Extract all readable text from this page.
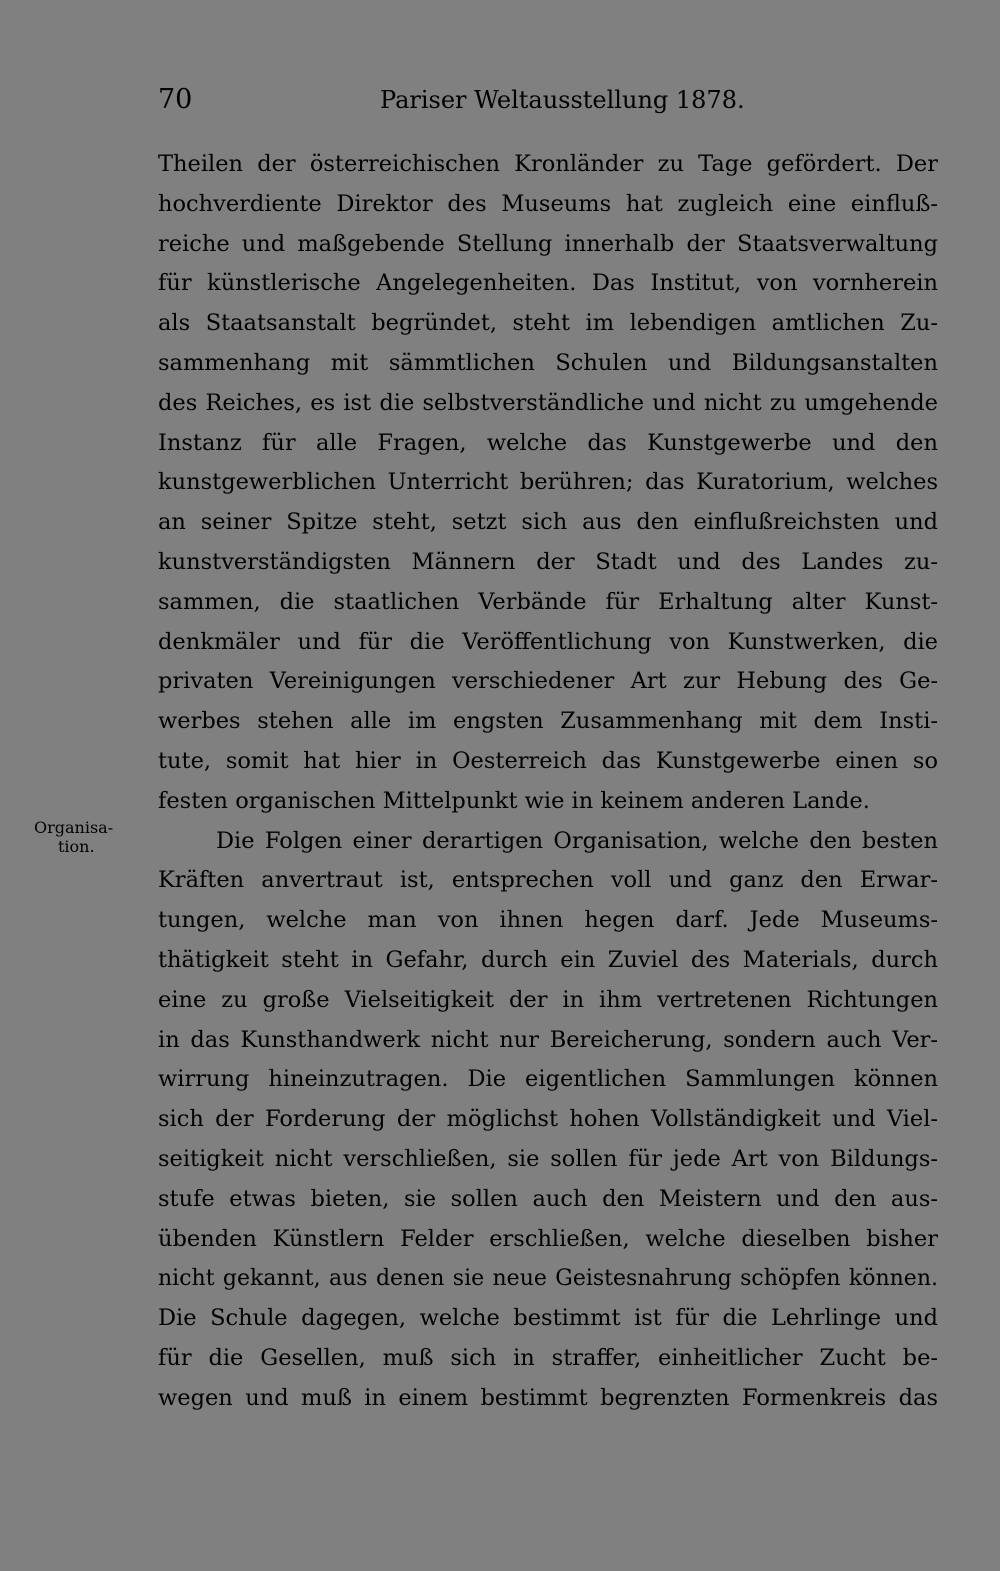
70	Pariser Weltausstellung 1878.
Organisa-
tion.
Theilen der österreichischen Kronländer zu Tage gefördert. Der
hochverdiente Direktor des Museums hat zugleich eine einfluß-
reiche und maßgebende Stellung innerhalb der Staatsverwaltung
für künstlerische Angelegenheiten. Das Institut, von vornherein
als Staatsanstalt begründet, steht im lebendigen amtlichen Zu-
sammenhang mit sämmtlichen Schulen und Bildungsanstalten
des Reiches, es ist die selbstverständliche und nicht zu umgehende
Instanz für alle Fragen, welche das Kunstgewerbe und den
kunstgewerblichen Unterricht berühren; das Kuratorium, welches
an seiner Spitze steht, setzt sich aus den einflußreichsten und
kunstverständigsten Männern der Stadt und des Landes zu-
sammen, die staatlichen Verbände für Erhaltung alter Kunst-
denkmäler und für die Veröffentlichung von Kunstwerken, die
privaten Vereinigungen verschiedener Art zur Hebung des Ge-
werbes stehen alle im engsten Zusammenhang mit dem Insti-
tute, somit hat hier in Oesterreich das Kunstgewerbe einen so
festen organischen Mittelpunkt wie in keinem anderen Lande.
Die Folgen einer derartigen Organisation, welche den besten
Kräften anvertraut ist, entsprechen voll und ganz den Erwar-
tungen, welche man von ihnen hegen darf. Jede Museums-
thätigkeit steht in Gefahr, durch ein Zuviel des Materials, durch
eine zu große Vielseitigkeit der in ihm vertretenen Richtungen
in das Kunsthandwerk nicht nur Bereicherung, sondern auch Ver-
wirrung hineinzutragen. Die eigentlichen Sammlungen können
sich der Forderung der möglichst hohen Vollständigkeit und Viel-
seitigkeit nicht verschließen, sie sollen für jede Art von Bildungs-
stufe etwas bieten, sie sollen auch den Meistern und den aus-
übenden Künstlern Felder erschließen, welche dieselben bisher
nicht gekannt, aus denen sie neue Geistesnahrung schöpfen können.
Die Schule dagegen, welche bestimmt ist für die Lehrlinge und
für die Gesellen, muß sich in straffer, einheitlicher Zucht be-
wegen und muß in einem bestimmt begrenzten Formenkreis das
